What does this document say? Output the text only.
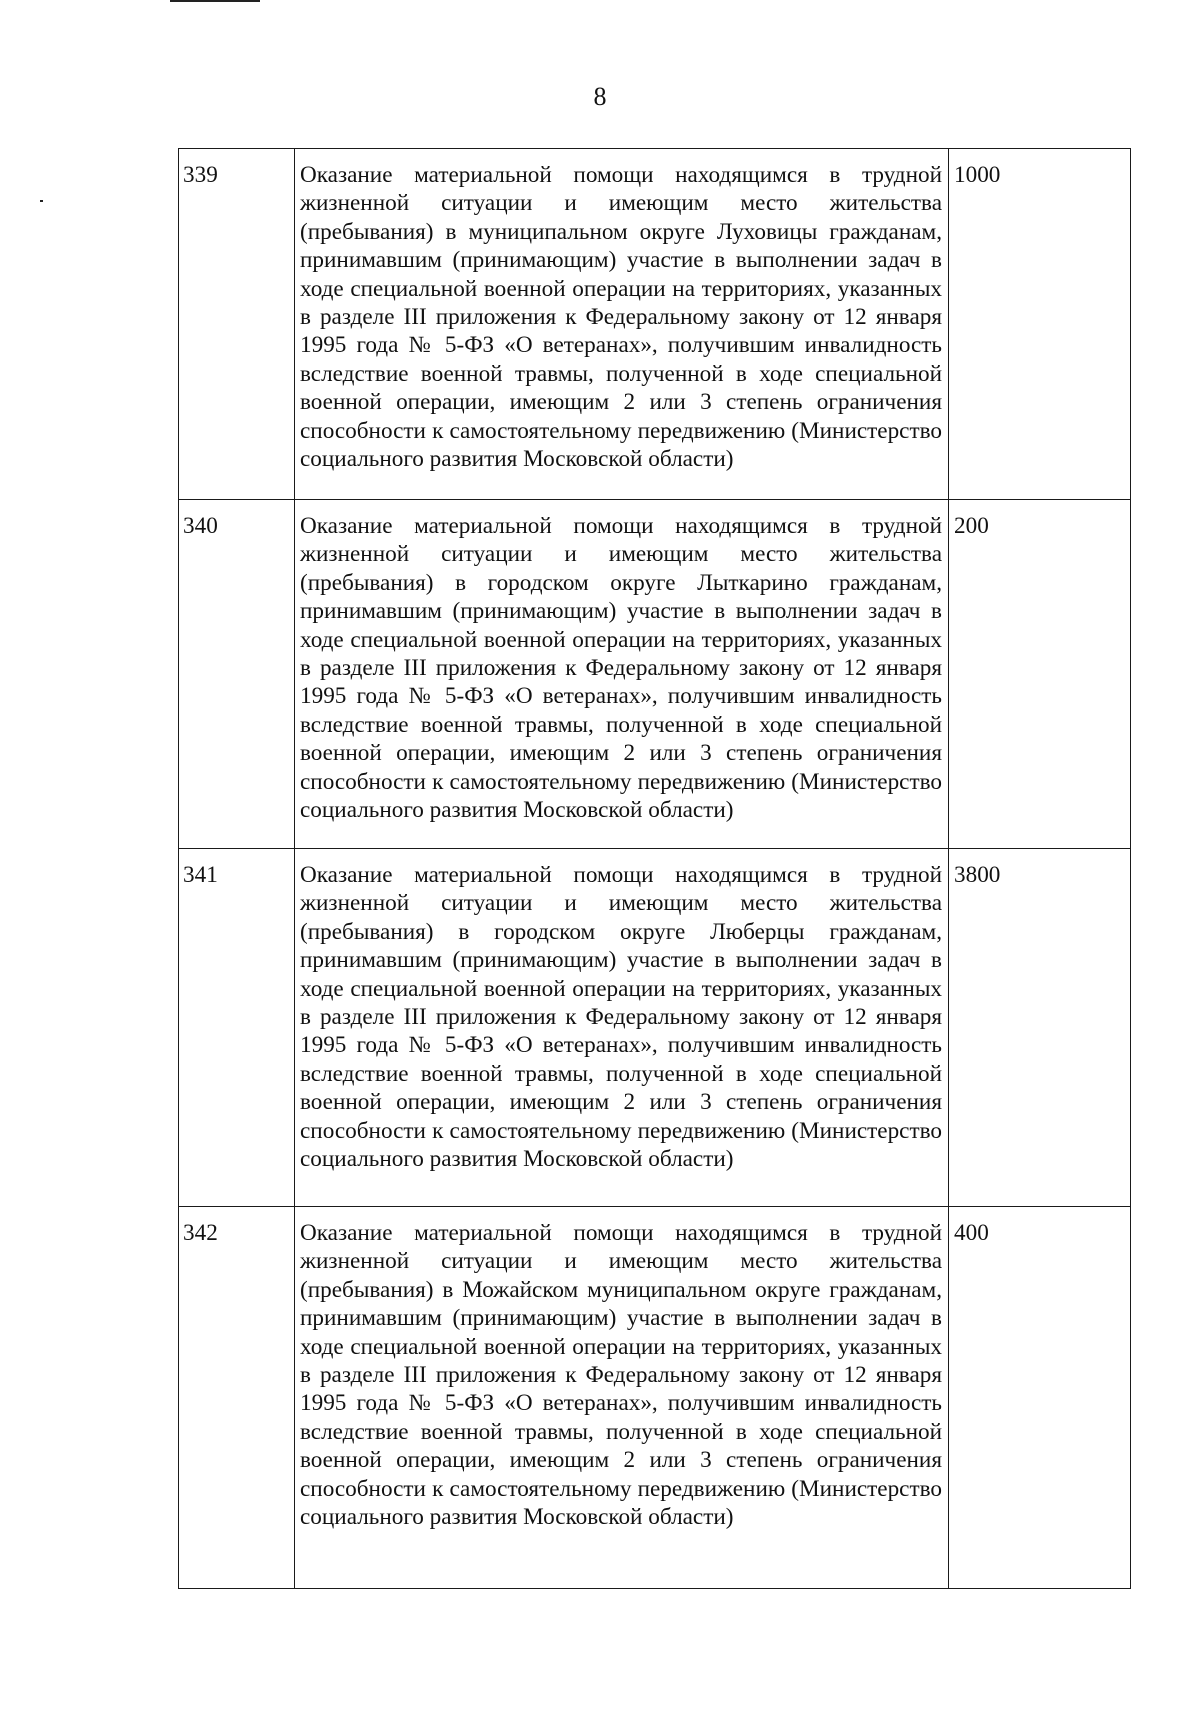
8
339	Оказание материальной помощи находящимся в трудной жизненной ситуации и имеющим место жительства (пребывания) в муниципальном округе Луховицы гражданам, принимавшим (принимающим) участие в выполнении задач в ходе специальной военной операции на территориях, указанных в разделе III приложения к Федеральному закону от 12 января 1995 года № 5-ФЗ «О ветеранах», получившим инвалидность вследствие военной травмы, полученной в ходе специальной военной операции, имеющим 2 или 3 степень ограничения способности к самостоятельному передвижению (Министерство социального развития Московской области)	1000
340	Оказание материальной помощи находящимся в трудной жизненной ситуации и имеющим место жительства (пребывания) в городском округе Лыткарино гражданам, принимавшим (принимающим) участие в выполнении задач в ходе специальной военной операции на территориях, указанных в разделе III приложения к Федеральному закону от 12 января 1995 года № 5-ФЗ «О ветеранах», получившим инвалидность вследствие военной травмы, полученной в ходе специальной военной операции, имеющим 2 или 3 степень ограничения способности к самостоятельному передвижению (Министерство социального развития Московской области)	200
341	Оказание материальной помощи находящимся в трудной жизненной ситуации и имеющим место жительства (пребывания) в городском округе Люберцы гражданам, принимавшим (принимающим) участие в выполнении задач в ходе специальной военной операции на территориях, указанных в разделе III приложения к Федеральному закону от 12 января 1995 года № 5-ФЗ «О ветеранах», получившим инвалидность вследствие военной травмы, полученной в ходе специальной военной операции, имеющим 2 или 3 степень ограничения способности к самостоятельному передвижению (Министерство социального развития Московской области)	3800
342	Оказание материальной помощи находящимся в трудной жизненной ситуации и имеющим место жительства (пребывания) в Можайском муниципальном округе гражданам, принимавшим (принимающим) участие в выполнении задач в ходе специальной военной операции на территориях, указанных в разделе III приложения к Федеральному закону от 12 января 1995 года № 5-ФЗ «О ветеранах», получившим инвалидность вследствие военной травмы, полученной в ходе специальной военной операции, имеющим 2 или 3 степень ограничения способности к самостоятельному передвижению (Министерство социального развития Московской области)	400
